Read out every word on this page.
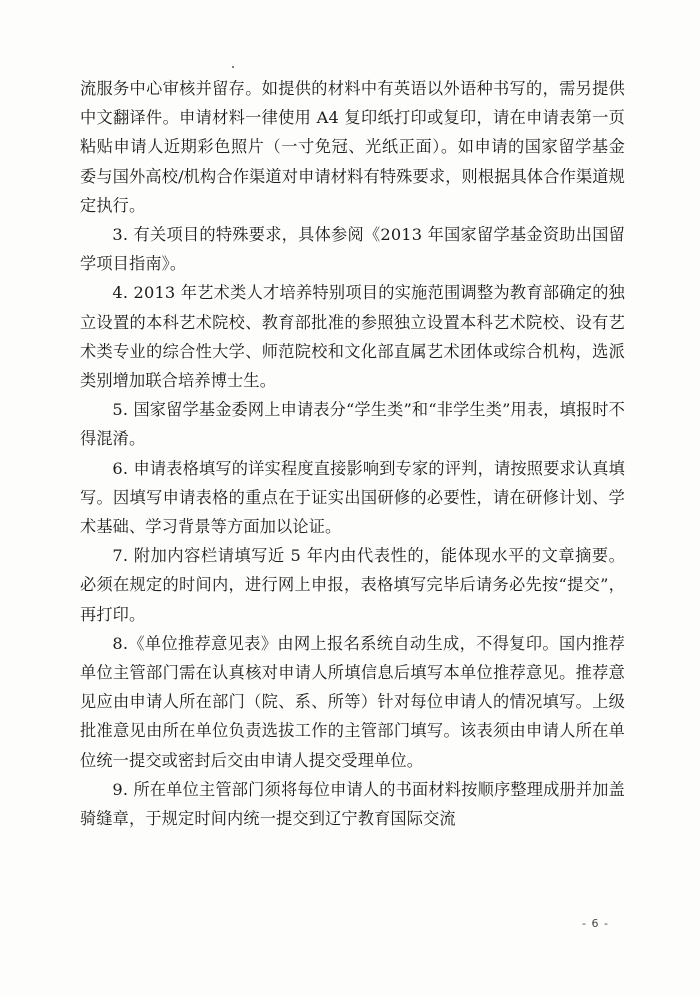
流服务中心审核并留存。如提供的材料中有英语以外语种书写的，需另提供中文翻译件。申请材料一律使用 A4 复印纸打印或复印，请在申请表第一页粘贴申请人近期彩色照片（一寸免冠、光纸正面）。如申请的国家留学基金委与国外高校/机构合作渠道对申请材料有特殊要求，则根据具体合作渠道规定执行。

3. 有关项目的特殊要求，具体参阅《2013 年国家留学基金资助出国留学项目指南》。

4. 2013 年艺术类人才培养特别项目的实施范围调整为教育部确定的独立设置的本科艺术院校、教育部批准的参照独立设置本科艺术院校、设有艺术类专业的综合性大学、师范院校和文化部直属艺术团体或综合机构，选派类别增加联合培养博士生。

5. 国家留学基金委网上申请表分“学生类”和“非学生类”用表，填报时不得混淆。

6. 申请表格填写的详实程度直接影响到专家的评判，请按照要求认真填写。因填写申请表格的重点在于证实出国研修的必要性，请在研修计划、学术基础、学习背景等方面加以论证。

7. 附加内容栏请填写近 5 年内由代表性的，能体现水平的文章摘要。必须在规定的时间内，进行网上申报，表格填写完毕后请务必先按“提交”，再打印。

8.《单位推荐意见表》由网上报名系统自动生成，不得复印。国内推荐单位主管部门需在认真核对申请人所填信息后填写本单位推荐意见。推荐意见应由申请人所在部门（院、系、所等）针对每位申请人的情况填写。上级批准意见由所在单位负责选拔工作的主管部门填写。该表须由申请人所在单位统一提交或密封后交由申请人提交受理单位。

9. 所在单位主管部门须将每位申请人的书面材料按顺序整理成册并加盖骑缝章，于规定时间内统一提交到辽宁教育国际交流

- 6 -
